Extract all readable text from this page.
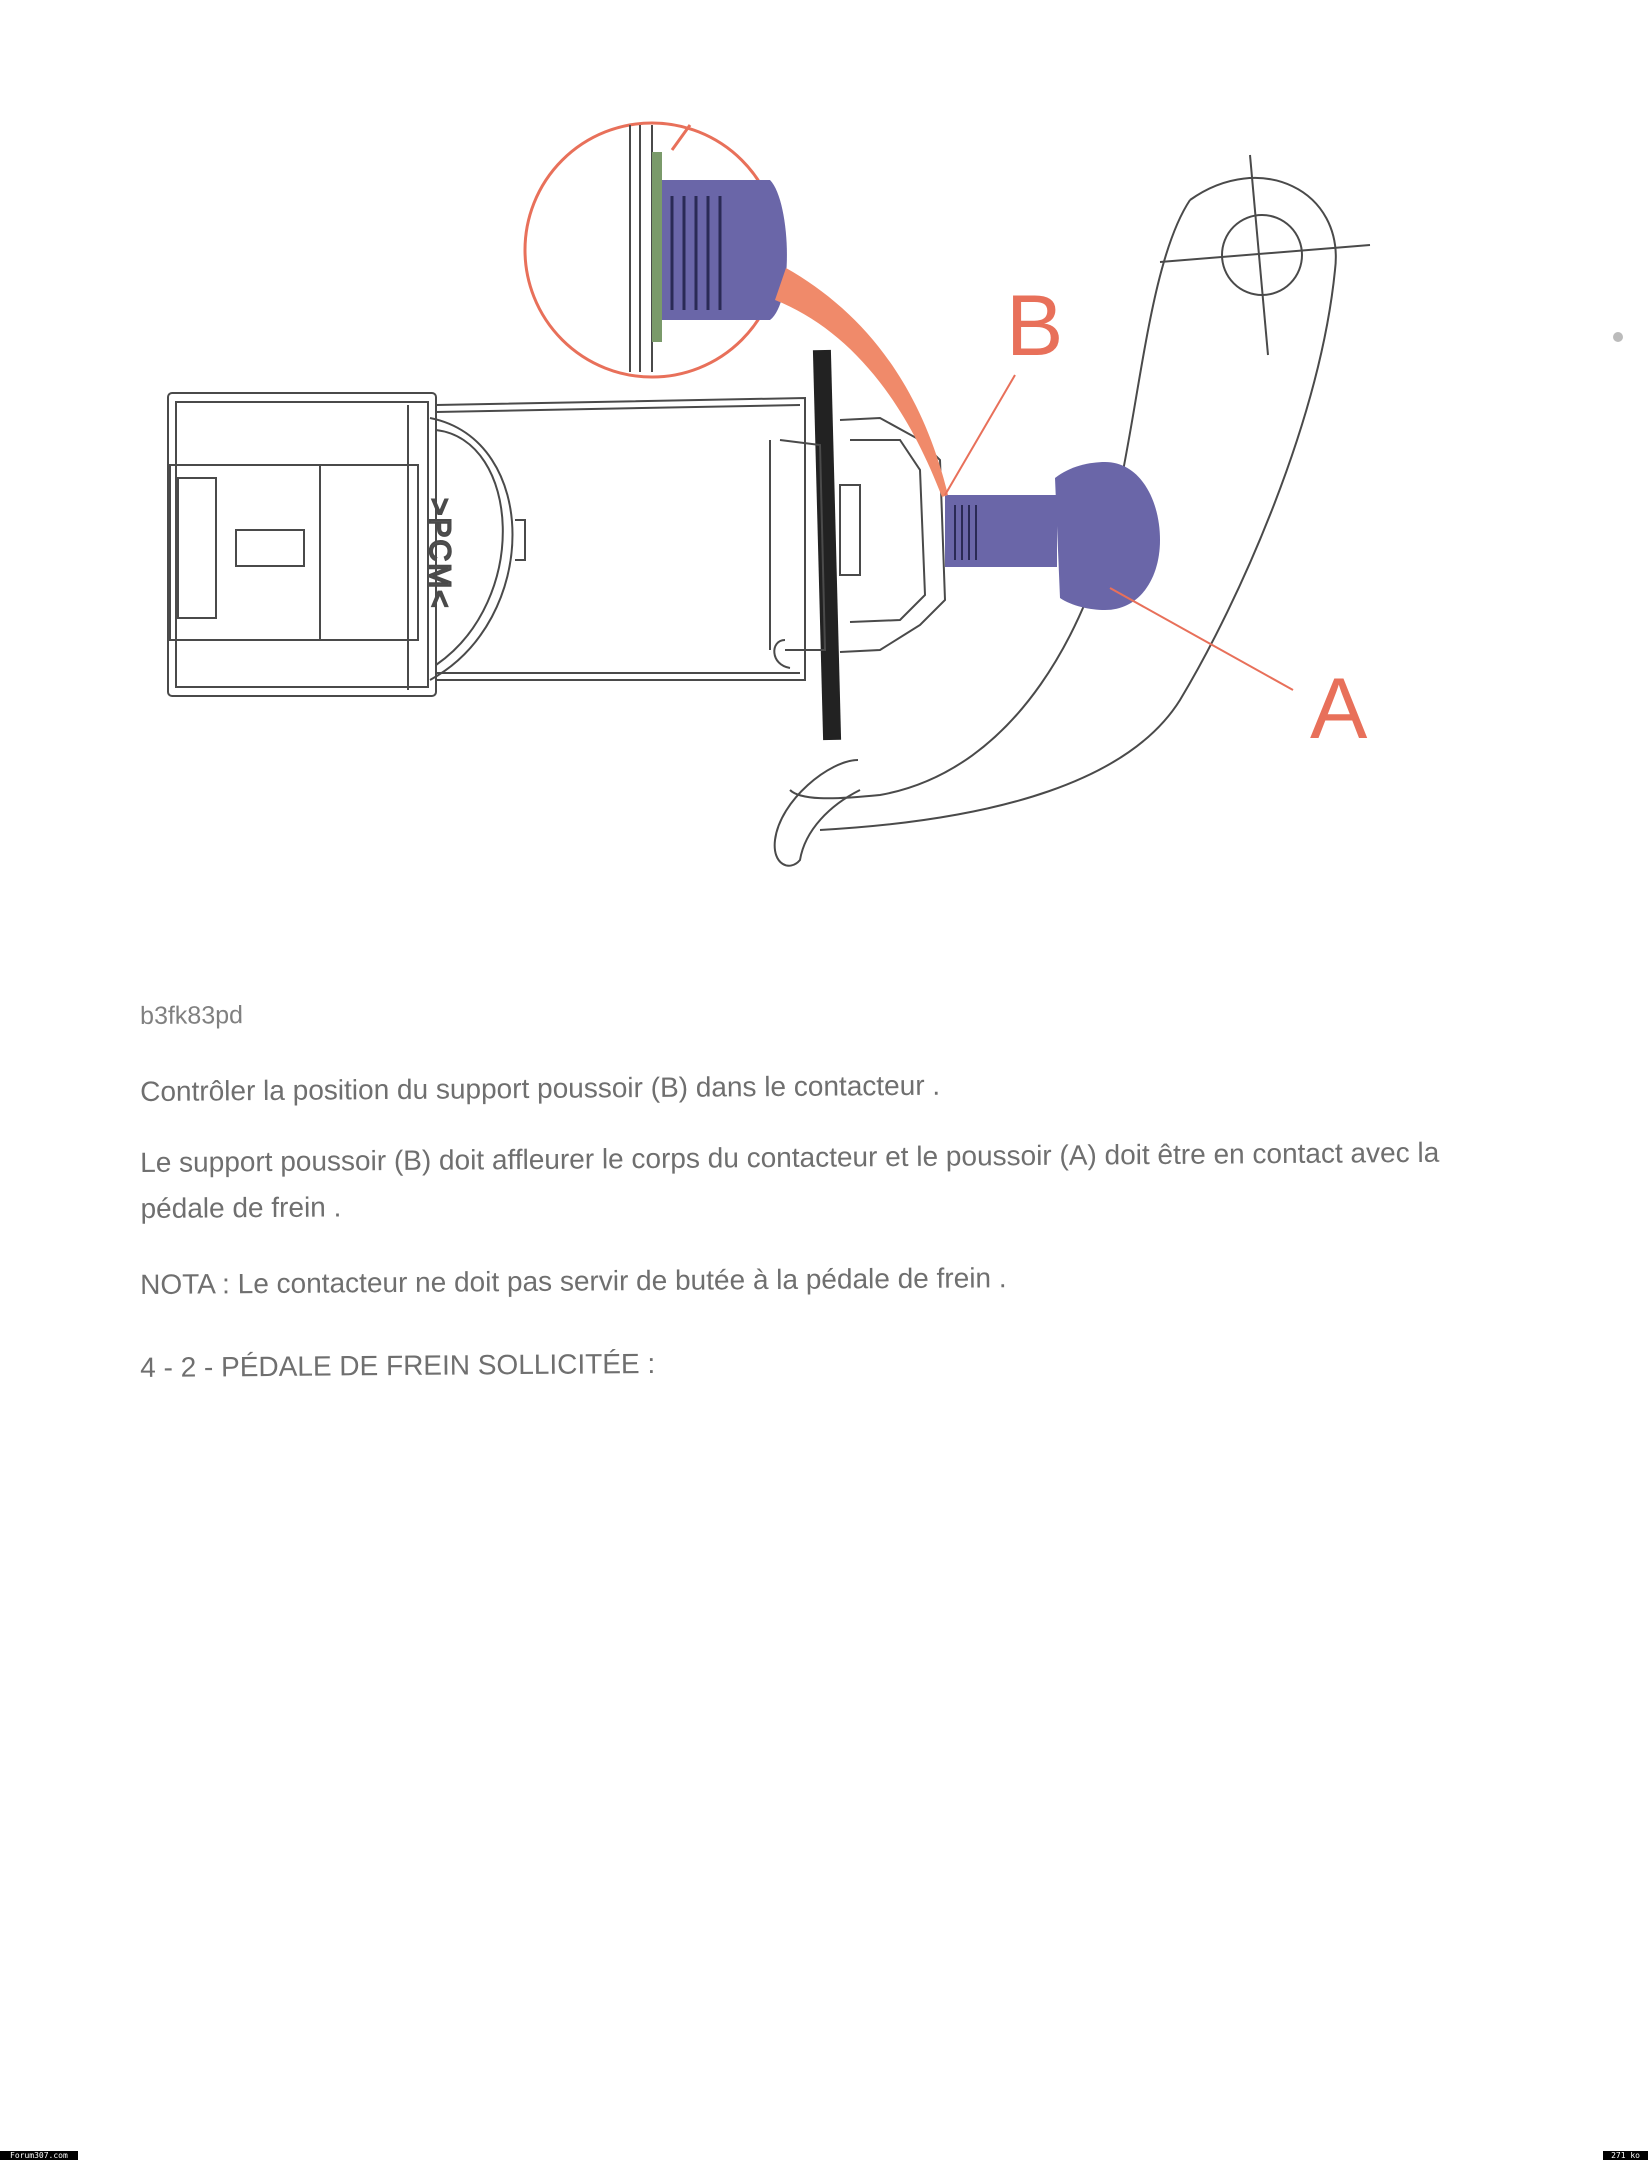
>PCM<
B
A
b3fk83pd
Contrôler la position du support poussoir (B) dans le contacteur .
Le support poussoir (B) doit affleurer le corps du contacteur et le poussoir (A) doit être en contact avec la pédale de frein .
NOTA : Le contacteur ne doit pas servir de butée à la pédale de frein .
4 - 2 - PÉDALE DE FREIN SOLLICITÉE :
Forum307.com	271 ko
